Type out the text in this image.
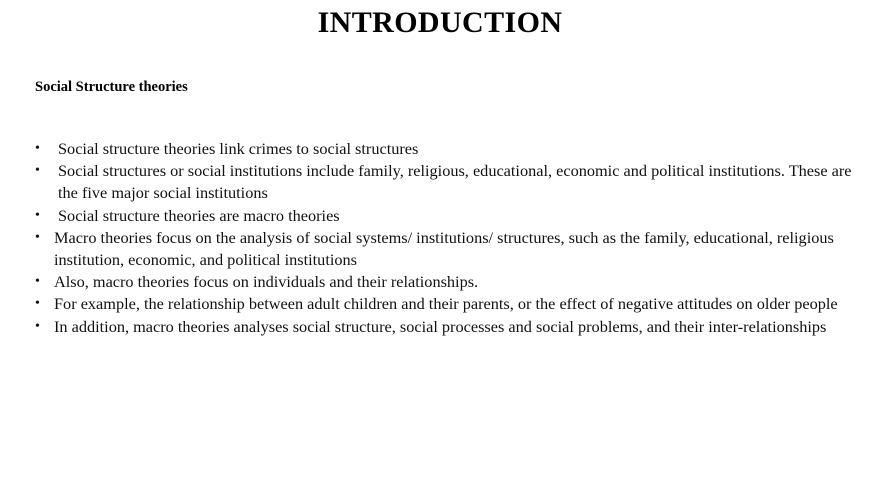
INTRODUCTION
Social Structure theories
•	Social structure theories link crimes to social structures
•	Social structures or social institutions include family, religious, educational, economic and political institutions. These are the five major social institutions
•	Social structure theories are macro theories
• Macro theories focus on the analysis of social systems/ institutions/ structures, such as the family, educational, religious institution, economic, and political institutions
• Also, macro theories focus on individuals and their relationships.
• For example, the relationship between adult children and their parents, or the effect of negative attitudes on older people
• In addition, macro theories analyses social structure, social processes and social problems, and their inter-relationships
